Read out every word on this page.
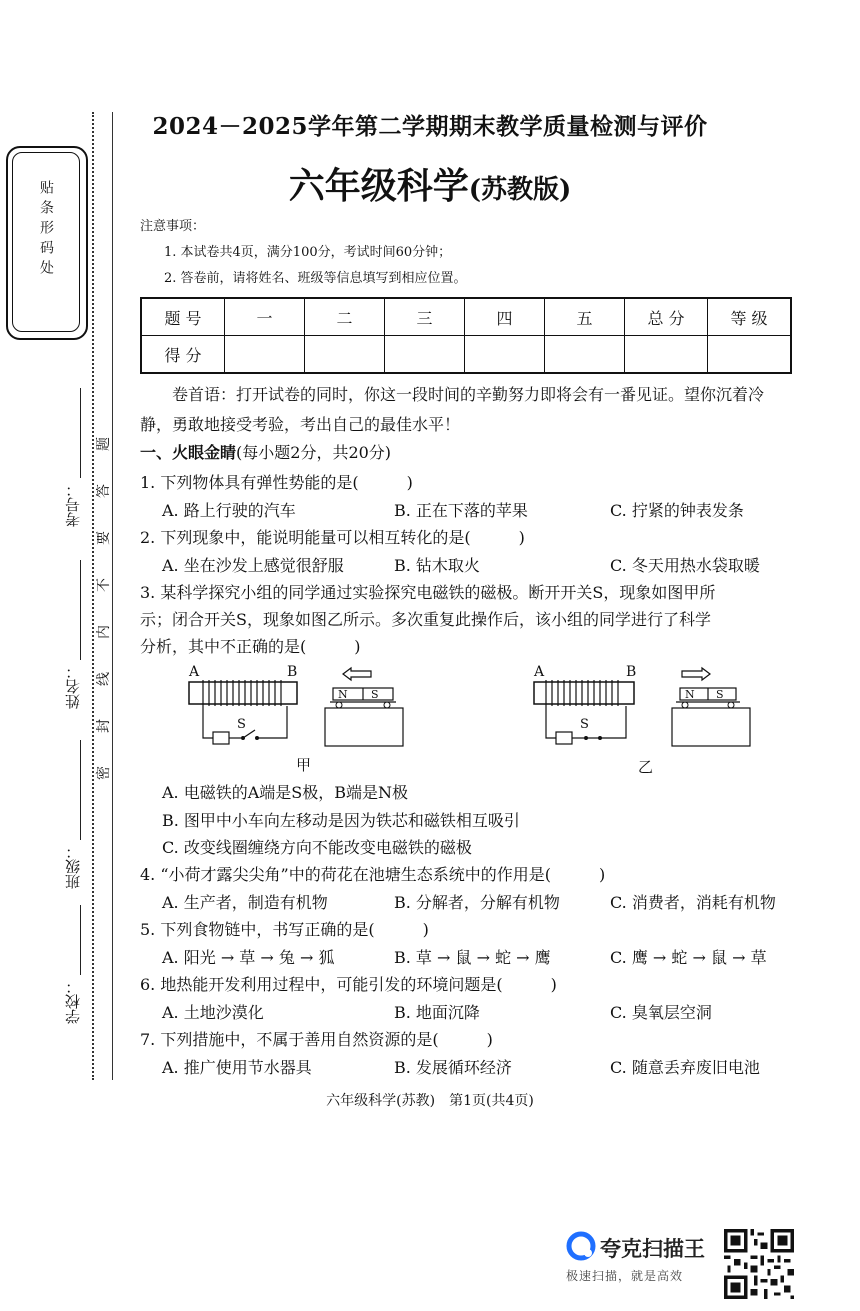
贴条形码处
考号：
姓名：
班级：
学校：
题
答
要
不
内
线
封
密
2024－2025学年第二学期期末教学质量检测与评价
六年级科学(苏教版)
注意事项：
1. 本试卷共4页，满分100分，考试时间60分钟；
2. 答卷前，请将姓名、班级等信息填写到相应位置。
题 号	一	二	三	四	五	总 分	等 级
得 分							
卷首语：打开试卷的同时，你这一段时间的辛勤努力即将会有一番见证。望你沉着冷静，勇敢地接受考验，考出自己的最佳水平！
一、火眼金睛(每小题2分，共20分)
1. 下列物体具有弹性势能的是(　　　)
A. 路上行驶的汽车	B. 正在下落的苹果	C. 拧紧的钟表发条
2. 下列现象中，能说明能量可以相互转化的是(　　　)
A. 坐在沙发上感觉很舒服	B. 钻木取火	C. 冬天用热水袋取暖
3. 某科学探究小组的同学通过实验探究电磁铁的磁极。断开开关S，现象如图甲所
示；闭合开关S，现象如图乙所示。多次重复此操作后，该小组的同学进行了科学
分析，其中不正确的是(　　　)
A	B
S
N S
甲
A	B
S
N S
乙
A. 电磁铁的A端是S极，B端是N极
B. 图甲中小车向左移动是因为铁芯和磁铁相互吸引
C. 改变线圈缠绕方向不能改变电磁铁的磁极
4. “小荷才露尖尖角”中的荷花在池塘生态系统中的作用是(　　　)
A. 生产者，制造有机物	B. 分解者，分解有机物	C. 消费者，消耗有机物
5. 下列食物链中，书写正确的是(　　　)
A. 阳光 → 草 → 兔 → 狐	B. 草 → 鼠 → 蛇 → 鹰	C. 鹰 → 蛇 → 鼠 → 草
6. 地热能开发利用过程中，可能引发的环境问题是(　　　)
A. 土地沙漠化	B. 地面沉降	C. 臭氧层空洞
7. 下列措施中，不属于善用自然资源的是(　　　)
A. 推广使用节水器具	B. 发展循环经济	C. 随意丢弃废旧电池
六年级科学(苏教)　第1页(共4页)
夸克扫描王
极速扫描，就是高效
